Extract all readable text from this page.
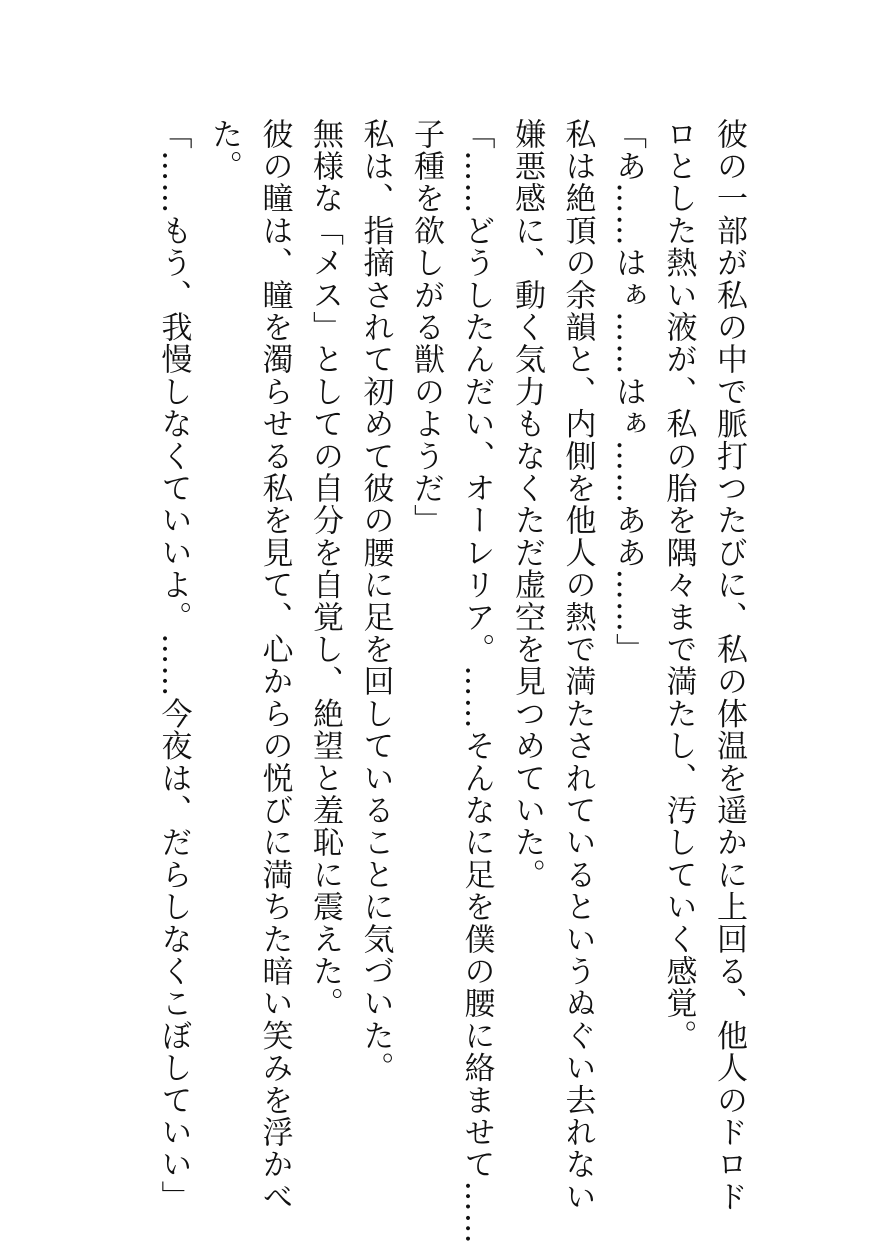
彼の一部が私の中で脈打つたびに、私の体温を遥かに上回る、他人のドロド

ロとした熱い液が、私の胎を隅々まで満たし、汚していく感覚。

「あ……はぁ……はぁ……ああ……」

私は絶頂の余韻と、内側を他人の熱で満たされているというぬぐい去れない

嫌悪感に、動く気力もなくただ虚空を見つめていた。

「……どうしたんだい、オーレリア。……そんなに足を僕の腰に絡ませて……

子種を欲しがる獣のようだ」

私は、指摘されて初めて彼の腰に足を回していることに気づいた。

無様な「メス」としての自分を自覚し、絶望と羞恥に震えた。

彼の瞳は、瞳を濁らせる私を見て、心からの悦びに満ちた暗い笑みを浮かべ

た。

「……もう、我慢しなくていいよ。……今夜は、だらしなくこぼしていい」
